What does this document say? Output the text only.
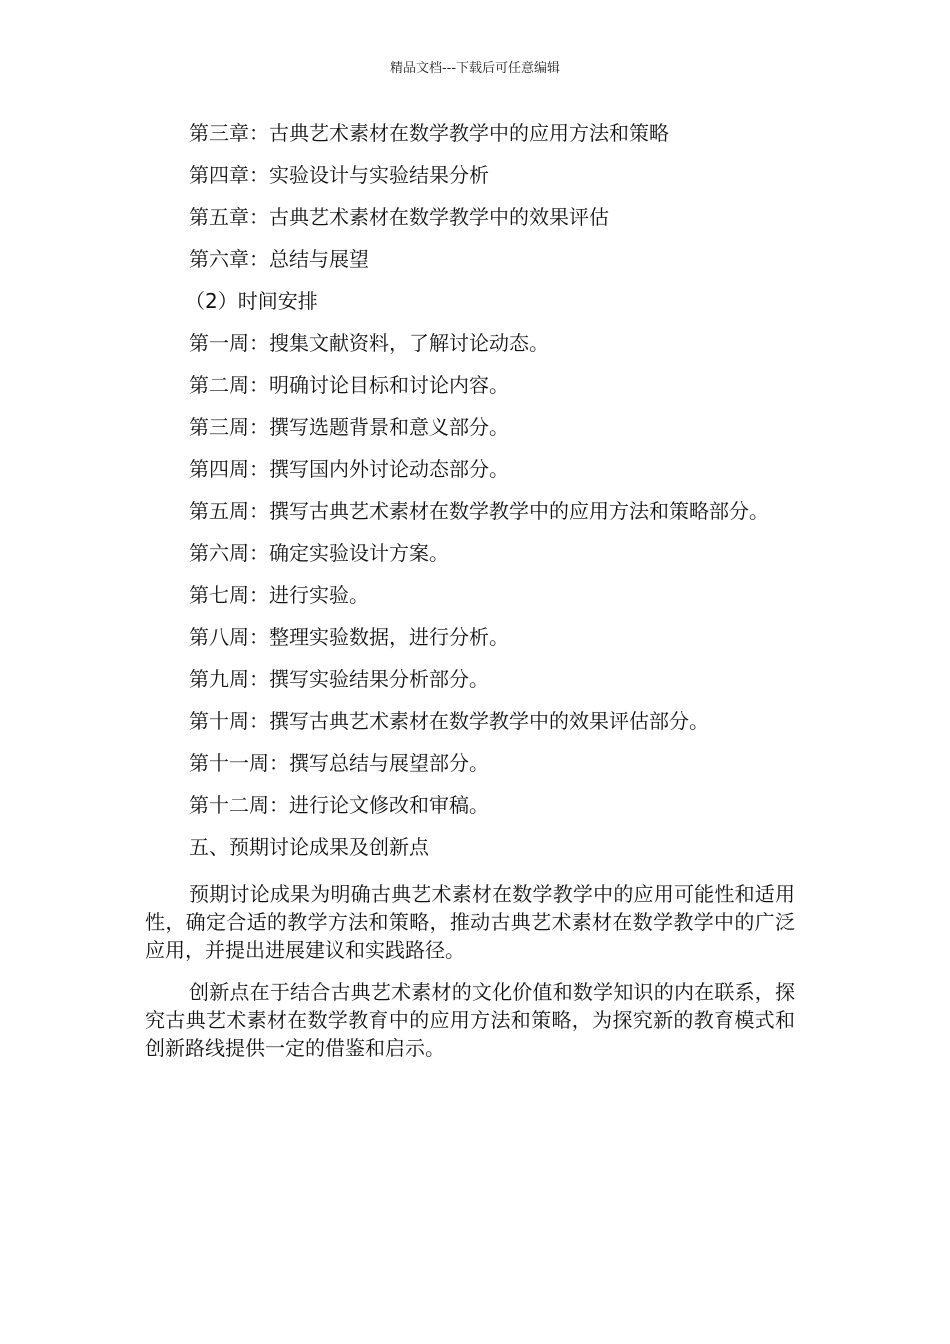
精品文档---下载后可任意编辑
第三章：古典艺术素材在数学教学中的应用方法和策略
第四章：实验设计与实验结果分析
第五章：古典艺术素材在数学教学中的效果评估
第六章：总结与展望
（2）时间安排
第一周：搜集文献资料，了解讨论动态。
第二周：明确讨论目标和讨论内容。
第三周：撰写选题背景和意义部分。
第四周：撰写国内外讨论动态部分。
第五周：撰写古典艺术素材在数学教学中的应用方法和策略部分。
第六周：确定实验设计方案。
第七周：进行实验。
第八周：整理实验数据，进行分析。
第九周：撰写实验结果分析部分。
第十周：撰写古典艺术素材在数学教学中的效果评估部分。
第十一周：撰写总结与展望部分。
第十二周：进行论文修改和审稿。
五、预期讨论成果及创新点

预期讨论成果为明确古典艺术素材在数学教学中的应用可能性和适用性，确定合适的教学方法和策略，推动古典艺术素材在数学教学中的广泛应用，并提出进展建议和实践路径。

创新点在于结合古典艺术素材的文化价值和数学知识的内在联系，探究古典艺术素材在数学教育中的应用方法和策略，为探究新的教育模式和创新路线提供一定的借鉴和启示。
